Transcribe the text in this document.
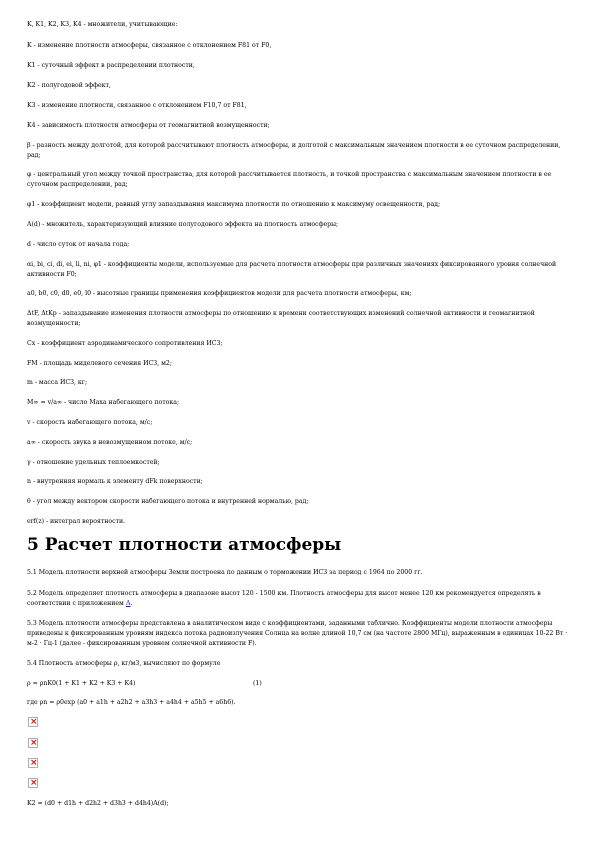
K, K1, K2, K3, K4 - множители, учитывающие:

K - изменение плотности атмосферы, связанное с отклонением F81 от F0,

K1 - суточный эффект в распределении плотности,

K2 - полугодовой эффект,

K3 - изменение плотности, связанное с отклонением F10,7 от F81,

K4 - зависимость плотности атмосферы от геомагнитной возмущенности;

β - разность между долготой, для которой рассчитывают плотность атмосферы, и долготой с максимальным значением плотности в ее суточном распределении, рад;

φ - центральный угол между точкой пространства, для которой рассчитывается плотность, и точкой пространства с максимальным значением плотности в ее суточном распределении, рад;

φ1 - коэффициент модели, равный углу запаздывания максимума плотности по отношению к максимуму освещенности, рад;

A(d) - множитель, характеризующий влияние полугодового эффекта на плотность атмосферы;

d - число суток от начала года;

αi, bi, ci, di, ei, li, ni, φ1 - коэффициенты модели, используемые для расчета плотности атмосферы при различных значениях фиксированного уровня солнечной активности F0;

a0, b0, c0, d0, e0, l0 - высотные границы применения коэффициентов модели для расчета плотности атмосферы, км;

ΔtF, ΔtKp - запаздывание изменения плотности атмосферы по отношению к времени соответствующих изменений солнечной активности и геомагнитной возмущенности;

Cx - коэффициент аэродинамического сопротивления ИСЗ;

FM - площадь миделевого сечения ИСЗ, м2;

m - масса ИСЗ, кг;

M∞ = v/a∞ - число Маха набегающего потока;

v - скорость набегающего потока, м/с;

a∞ - скорость звука в невозмущенном потоке, м/с;

γ - отношение удельных теплоемкостей;

n - внутренняя нормаль к элементу dFk поверхности;

θ - угол между вектором скорости набегающего потока и внутренней нормалью, рад;

erf(z) - интеграл вероятности.

5 Расчет плотности атмосферы

5.1 Модель плотности верхней атмосферы Земли построена по данным о торможении ИСЗ за период с 1964 по 2000 гг.

5.2 Модель определяет плотность атмосферы в диапазоне высот 120 - 1500 км. Плотность атмосферы для высот менее 120 км рекомендуется определять в соответствии с приложением А.

5.3 Модель плотности атмосферы представлена в аналитическом виде с коэффициентами, заданными таблично. Коэффициенты модели плотности атмосферы приведены к фиксированным уровням индекса потока радиоизлучения Солнца на волне длиной 10,7 см (на частоте 2800 МГц), выраженным в единицах 10-22 Вт · м-2 · Гц-1 (далее - фиксированным уровнем солнечной активности F).

5.4 Плотность атмосферы ρ, кг/м3, вычисляют по формуле

ρ = ρnK0(1 + K1 + K2 + K3 + K4)	(1)

где ρn = ρ0exp (a0 + a1h + a2h2 + a3h3 + a4h4 + a5h5 + a6h6).

×
×
×
×

K2 = (d0 + d1h + d2h2 + d3h3 + d4h4)A(d);
